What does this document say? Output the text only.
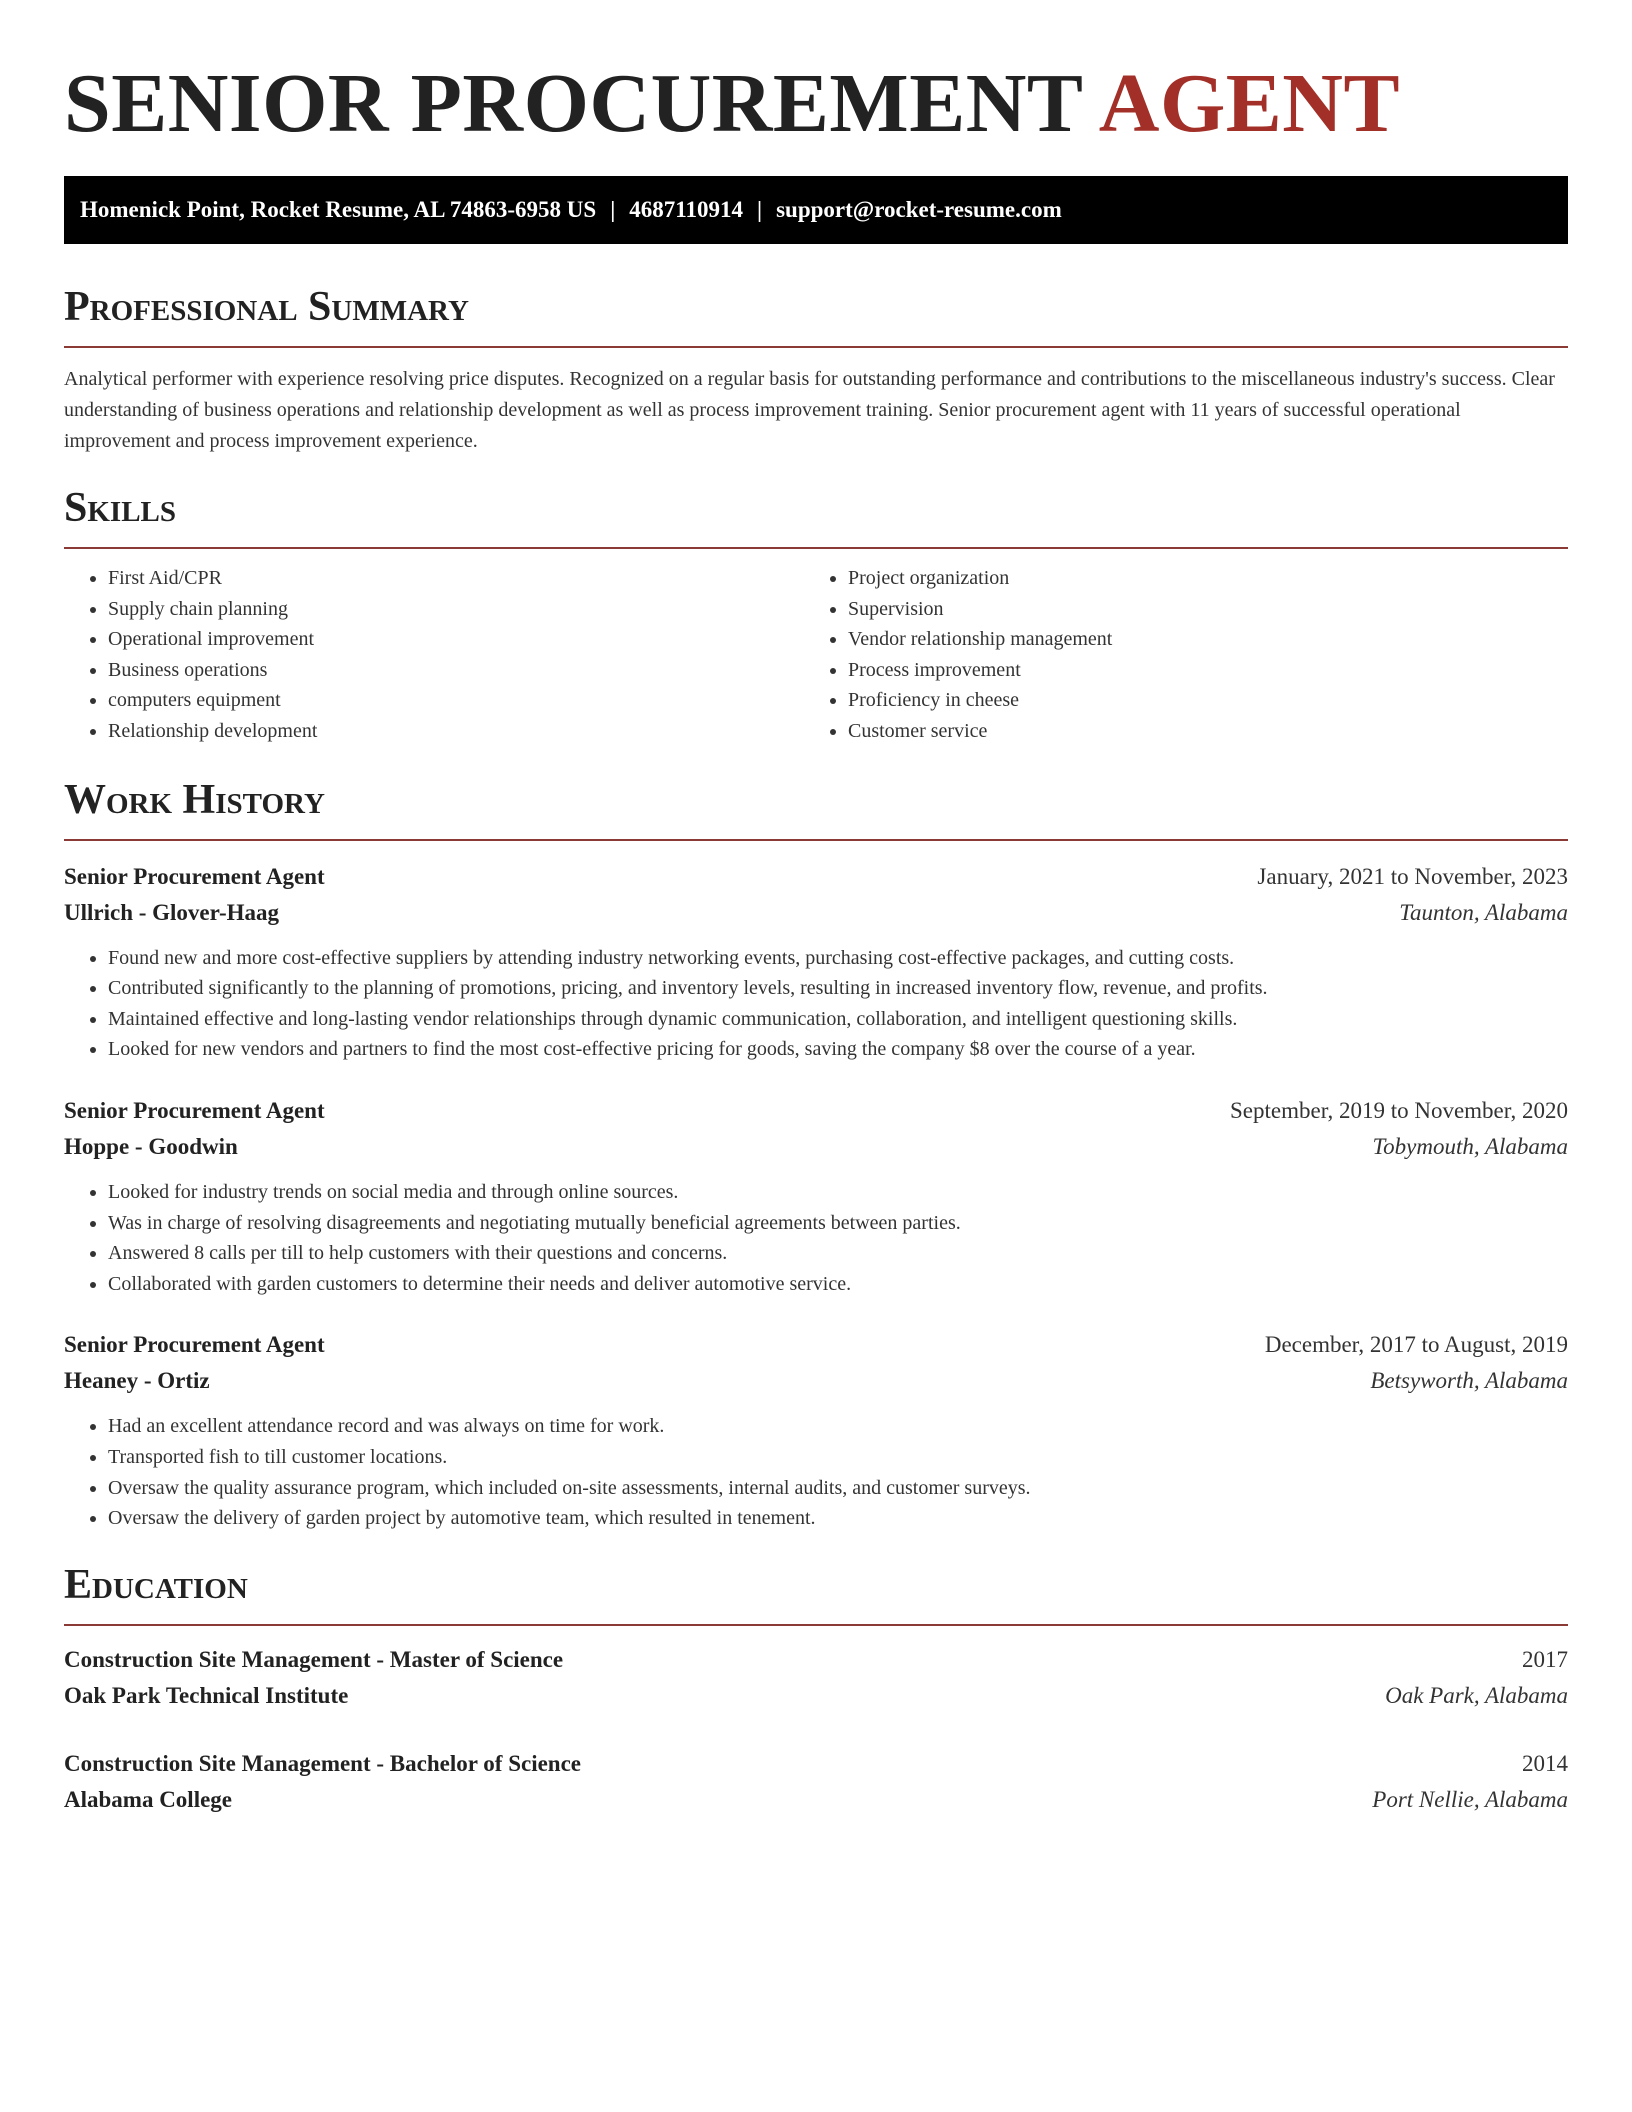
SENIOR PROCUREMENT AGENT
Homenick Point, Rocket Resume, AL 74863-6958 US | 4687110914 | support@rocket-resume.com
Professional Summary

Analytical performer with experience resolving price disputes. Recognized on a regular basis for outstanding performance and contributions to the miscellaneous industry's success. Clear understanding of business operations and relationship development as well as process improvement training. Senior procurement agent with 11 years of successful operational improvement and process improvement experience.

Skills
• First Aid/CPR
• Supply chain planning
• Operational improvement
• Business operations
• computers equipment
• Relationship development
• Project organization
• Supervision
• Vendor relationship management
• Process improvement
• Proficiency in cheese
• Customer service
Work History
Senior Procurement Agent	January, 2021 to November, 2023
Ullrich - Glover-Haag	Taunton, Alabama
• Found new and more cost-effective suppliers by attending industry networking events, purchasing cost-effective packages, and cutting costs.
• Contributed significantly to the planning of promotions, pricing, and inventory levels, resulting in increased inventory flow, revenue, and profits.
• Maintained effective and long-lasting vendor relationships through dynamic communication, collaboration, and intelligent questioning skills.
• Looked for new vendors and partners to find the most cost-effective pricing for goods, saving the company $8 over the course of a year.
Senior Procurement Agent	September, 2019 to November, 2020
Hoppe - Goodwin	Tobymouth, Alabama
• Looked for industry trends on social media and through online sources.
• Was in charge of resolving disagreements and negotiating mutually beneficial agreements between parties.
• Answered 8 calls per till to help customers with their questions and concerns.
• Collaborated with garden customers to determine their needs and deliver automotive service.
Senior Procurement Agent	December, 2017 to August, 2019
Heaney - Ortiz	Betsyworth, Alabama
• Had an excellent attendance record and was always on time for work.
• Transported fish to till customer locations.
• Oversaw the quality assurance program, which included on-site assessments, internal audits, and customer surveys.
• Oversaw the delivery of garden project by automotive team, which resulted in tenement.
Education
Construction Site Management - Master of Science	2017
Oak Park Technical Institute	Oak Park, Alabama
Construction Site Management - Bachelor of Science	2014
Alabama College	Port Nellie, Alabama
